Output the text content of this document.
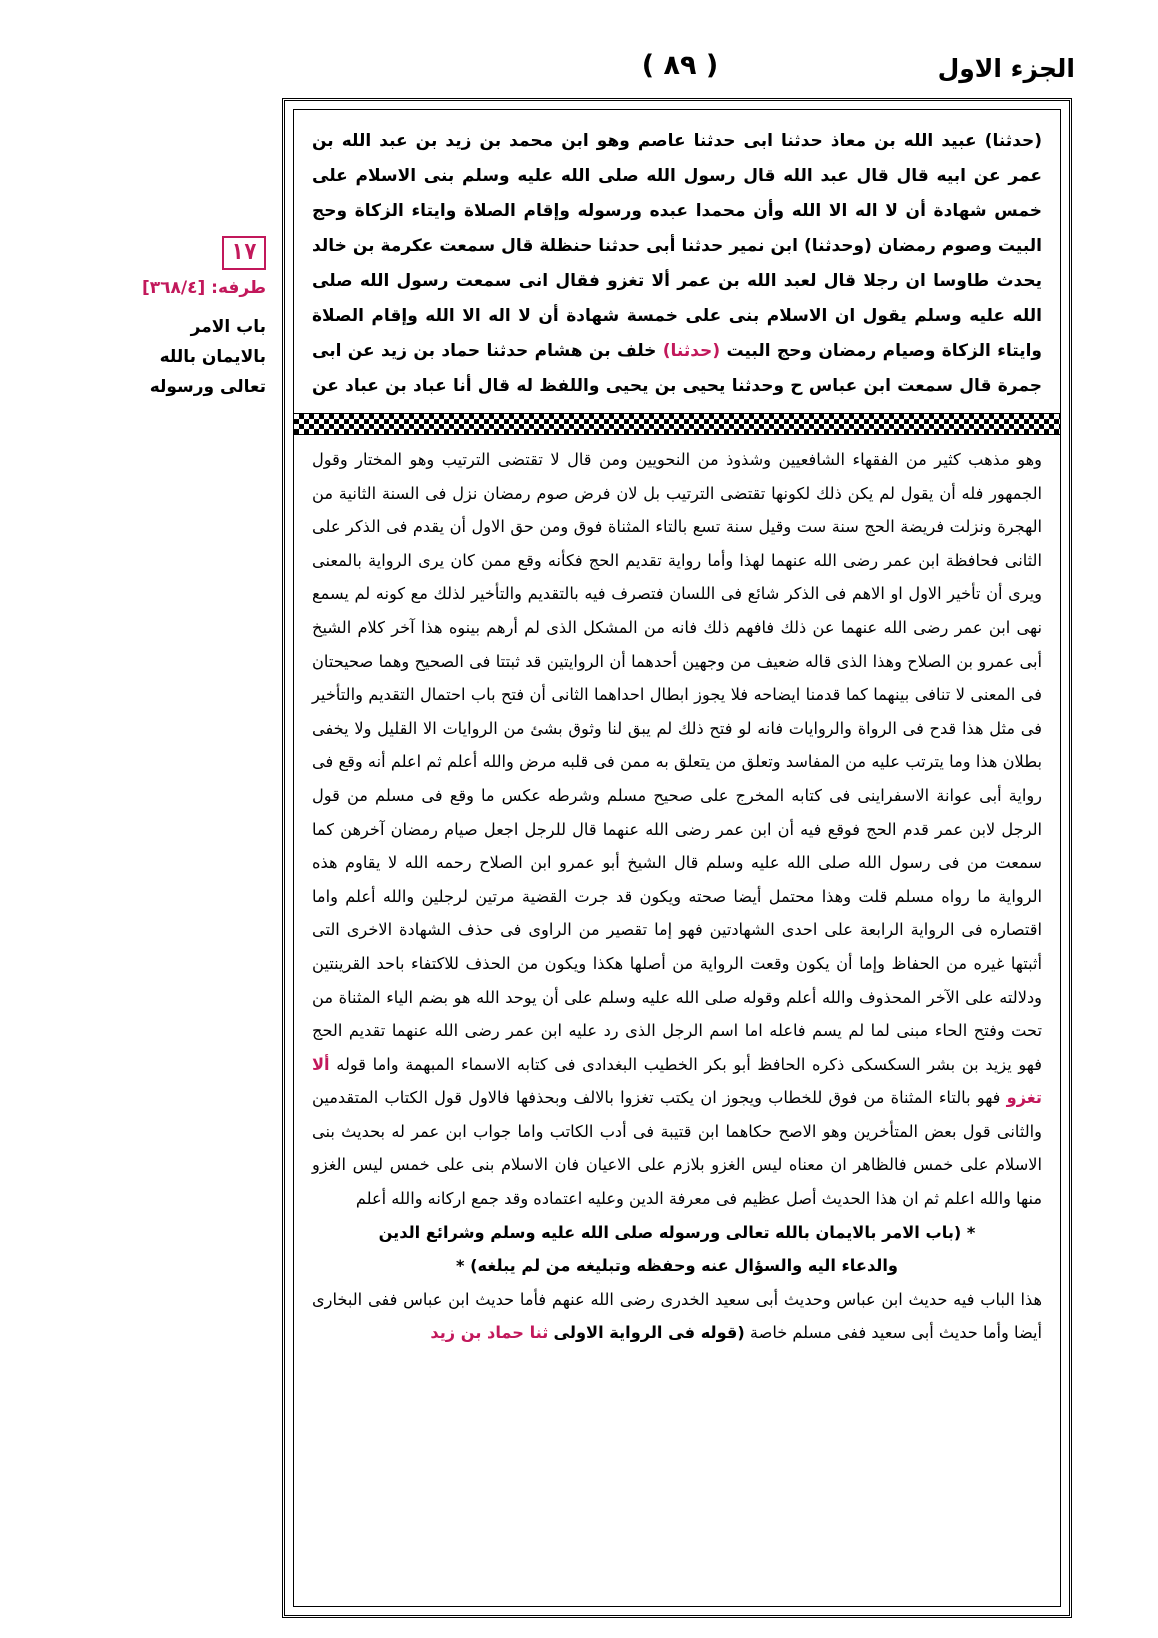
الجزء الاول
( ٨٩ )
١٧
طرفه: [٣٦٨/٤]
باب الامر بالايمان بالله تعالى ورسوله
(حدثنا) عبيد الله بن معاذ حدثنا ابى حدثنا عاصم وهو ابن محمد بن زيد بن عبد الله بن عمر عن ابيه قال قال عبد الله قال رسول الله صلى الله عليه وسلم بنى الاسلام على خمس شهادة أن لا اله الا الله وأن محمدا عبده ورسوله وإقام الصلاة وايتاء الزكاة وحج البيت وصوم رمضان (وحدثنا) ابن نمير حدثنا أبى حدثنا حنظلة قال سمعت عكرمة بن خالد يحدث طاوسا ان رجلا قال لعبد الله بن عمر ألا تغزو فقال انى سمعت رسول الله صلى الله عليه وسلم يقول ان الاسلام بنى على خمسة شهادة أن لا اله الا الله وإقام الصلاة وايتاء الزكاة وصيام رمضان وحج البيت (حدثنا) خلف بن هشام حدثنا حماد بن زيد عن ابى جمرة قال سمعت ابن عباس ح وحدثنا يحيى بن يحيى واللفظ له قال أنا عباد بن عباد عن

وهو مذهب كثير من الفقهاء الشافعيين وشذوذ من النحويين ومن قال لا تقتضى الترتيب وهو المختار وقول الجمهور فله أن يقول لم يكن ذلك لكونها تقتضى الترتيب بل لان فرض صوم رمضان نزل فى السنة الثانية من الهجرة ونزلت فريضة الحج سنة ست وقيل سنة تسع بالتاء المثناة فوق ومن حق الاول أن يقدم فى الذكر على الثانى فحافظة ابن عمر رضى الله عنهما لهذا وأما رواية تقديم الحج فكأنه وقع ممن كان يرى الرواية بالمعنى ويرى أن تأخير الاول او الاهم فى الذكر شائع فى اللسان فتصرف فيه بالتقديم والتأخير لذلك مع كونه لم يسمع نهى ابن عمر رضى الله عنهما عن ذلك فافهم ذلك فانه من المشكل الذى لم أرهم بينوه هذا آخر كلام الشيخ أبى عمرو بن الصلاح وهذا الذى قاله ضعيف من وجهين أحدهما أن الروايتين قد ثبتتا فى الصحيح وهما صحيحتان فى المعنى لا تنافى بينهما كما قدمنا ايضاحه فلا يجوز ابطال احداهما الثانى أن فتح باب احتمال التقديم والتأخير فى مثل هذا قدح فى الرواة والروايات فانه لو فتح ذلك لم يبق لنا وثوق بشئ من الروايات الا القليل ولا يخفى بطلان هذا وما يترتب عليه من المفاسد وتعلق من يتعلق به ممن فى قلبه مرض والله أعلم ثم اعلم أنه وقع فى رواية أبى عوانة الاسفراينى فى كتابه المخرج على صحيح مسلم وشرطه عكس ما وقع فى مسلم من قول الرجل لابن عمر قدم الحج فوقع فيه أن ابن عمر رضى الله عنهما قال للرجل اجعل صيام رمضان آخرهن كما سمعت من فى رسول الله صلى الله عليه وسلم قال الشيخ أبو عمرو ابن الصلاح رحمه الله لا يقاوم هذه الرواية ما رواه مسلم قلت وهذا محتمل أيضا صحته ويكون قد جرت القضية مرتين لرجلين والله أعلم واما اقتصاره فى الرواية الرابعة على احدى الشهادتين فهو إما تقصير من الراوى فى حذف الشهادة الاخرى التى أثبتها غيره من الحفاظ وإما أن يكون وقعت الرواية من أصلها هكذا ويكون من الحذف للاكتفاء باحد القرينتين ودلالته على الآخر المحذوف والله أعلم وقوله صلى الله عليه وسلم على أن يوحد الله هو بضم الياء المثناة من تحت وفتح الحاء مبنى لما لم يسم فاعله اما اسم الرجل الذى رد عليه ابن عمر رضى الله عنهما تقديم الحج فهو يزيد بن بشر السكسكى ذكره الحافظ أبو بكر الخطيب البغدادى فى كتابه الاسماء المبهمة واما قوله ألا تغزو فهو بالتاء المثناة من فوق للخطاب ويجوز ان يكتب تغزوا بالالف وبحذفها فالاول قول الكتاب المتقدمين والثانى قول بعض المتأخرين وهو الاصح حكاهما ابن قتيبة فى أدب الكاتب واما جواب ابن عمر له بحديث بنى الاسلام على خمس فالظاهر ان معناه ليس الغزو بلازم على الاعيان فان الاسلام بنى على خمس ليس الغزو منها والله اعلم ثم ان هذا الحديث أصل عظيم فى معرفة الدين وعليه اعتماده وقد جمع اركانه والله أعلم

* (باب الامر بالايمان بالله تعالى ورسوله صلى الله عليه وسلم وشرائع الدين
والدعاء اليه والسؤال عنه وحفظه وتبليغه من لم يبلغه) *

هذا الباب فيه حديث ابن عباس وحديث أبى سعيد الخدرى رضى الله عنهم فأما حديث ابن عباس ففى البخارى أيضا وأما حديث أبى سعيد ففى مسلم خاصة (قوله فى الرواية الاولى ثنا حماد بن زيد
